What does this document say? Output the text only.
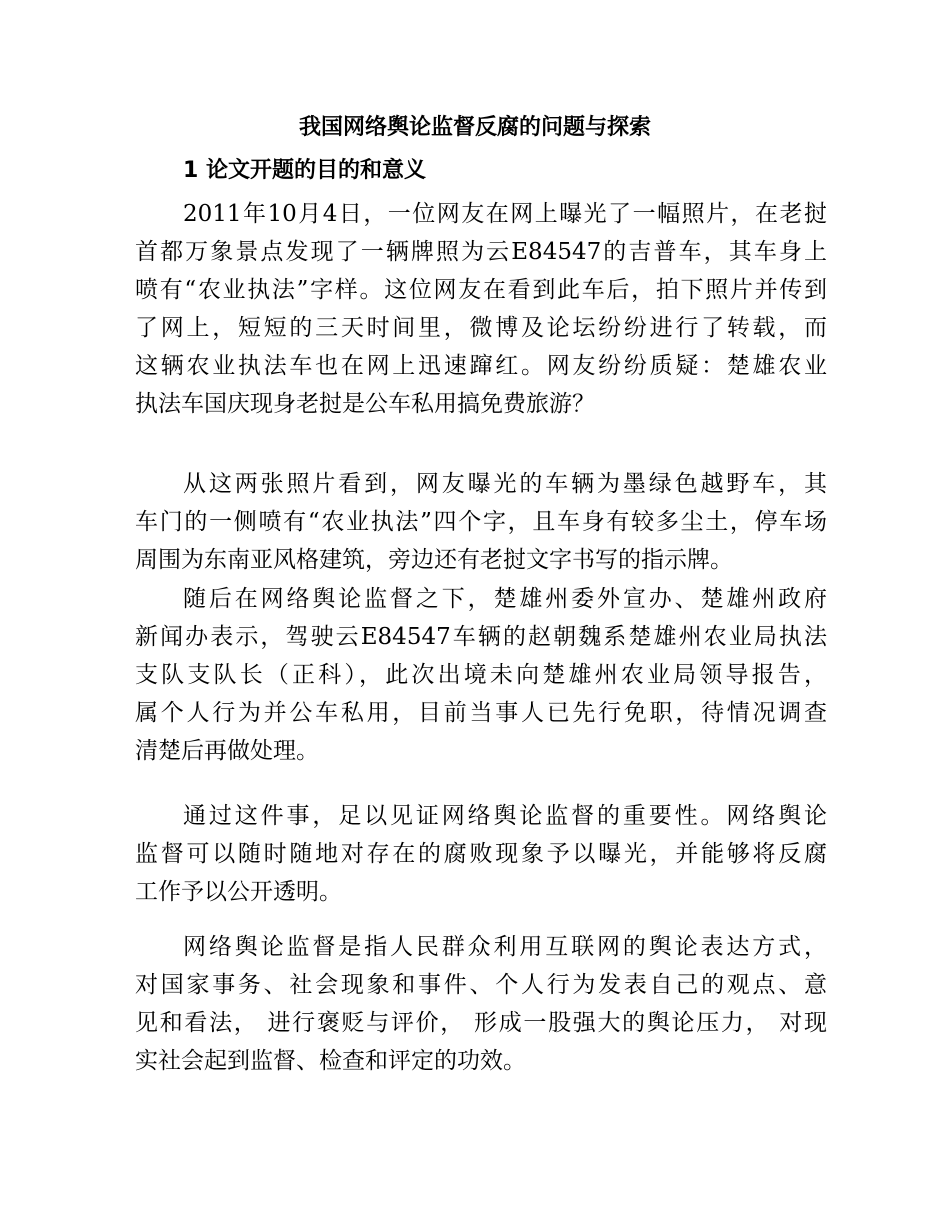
我国网络舆论监督反腐的问题与探索
1 论文开题的目的和意义
2011年10月4日，一位网友在网上曝光了一幅照片，在老挝
首都万象景点发现了一辆牌照为云E84547的吉普车，其车身上
喷有“农业执法”字样。这位网友在看到此车后，拍下照片并传到
了网上，短短的三天时间里，微博及论坛纷纷进行了转载，而
这辆农业执法车也在网上迅速蹿红。网友纷纷质疑：楚雄农业
执法车国庆现身老挝是公车私用搞免费旅游？
从这两张照片看到，网友曝光的车辆为墨绿色越野车，其
车门的一侧喷有“农业执法”四个字，且车身有较多尘土，停车场
周围为东南亚风格建筑，旁边还有老挝文字书写的指示牌。
随后在网络舆论监督之下，楚雄州委外宣办、楚雄州政府
新闻办表示，驾驶云E84547车辆的赵朝魏系楚雄州农业局执法
支队支队长（正科），此次出境未向楚雄州农业局领导报告，
属个人行为并公车私用，目前当事人已先行免职，待情况调查
清楚后再做处理。
通过这件事，足以见证网络舆论监督的重要性。网络舆论
监督可以随时随地对存在的腐败现象予以曝光，并能够将反腐
工作予以公开透明。
网络舆论监督是指人民群众利用互联网的舆论表达方式，
对国家事务、社会现象和事件、个人行为发表自己的观点、意
见和看法， 进行褒贬与评价， 形成一股强大的舆论压力， 对现
实社会起到监督、检查和评定的功效。
